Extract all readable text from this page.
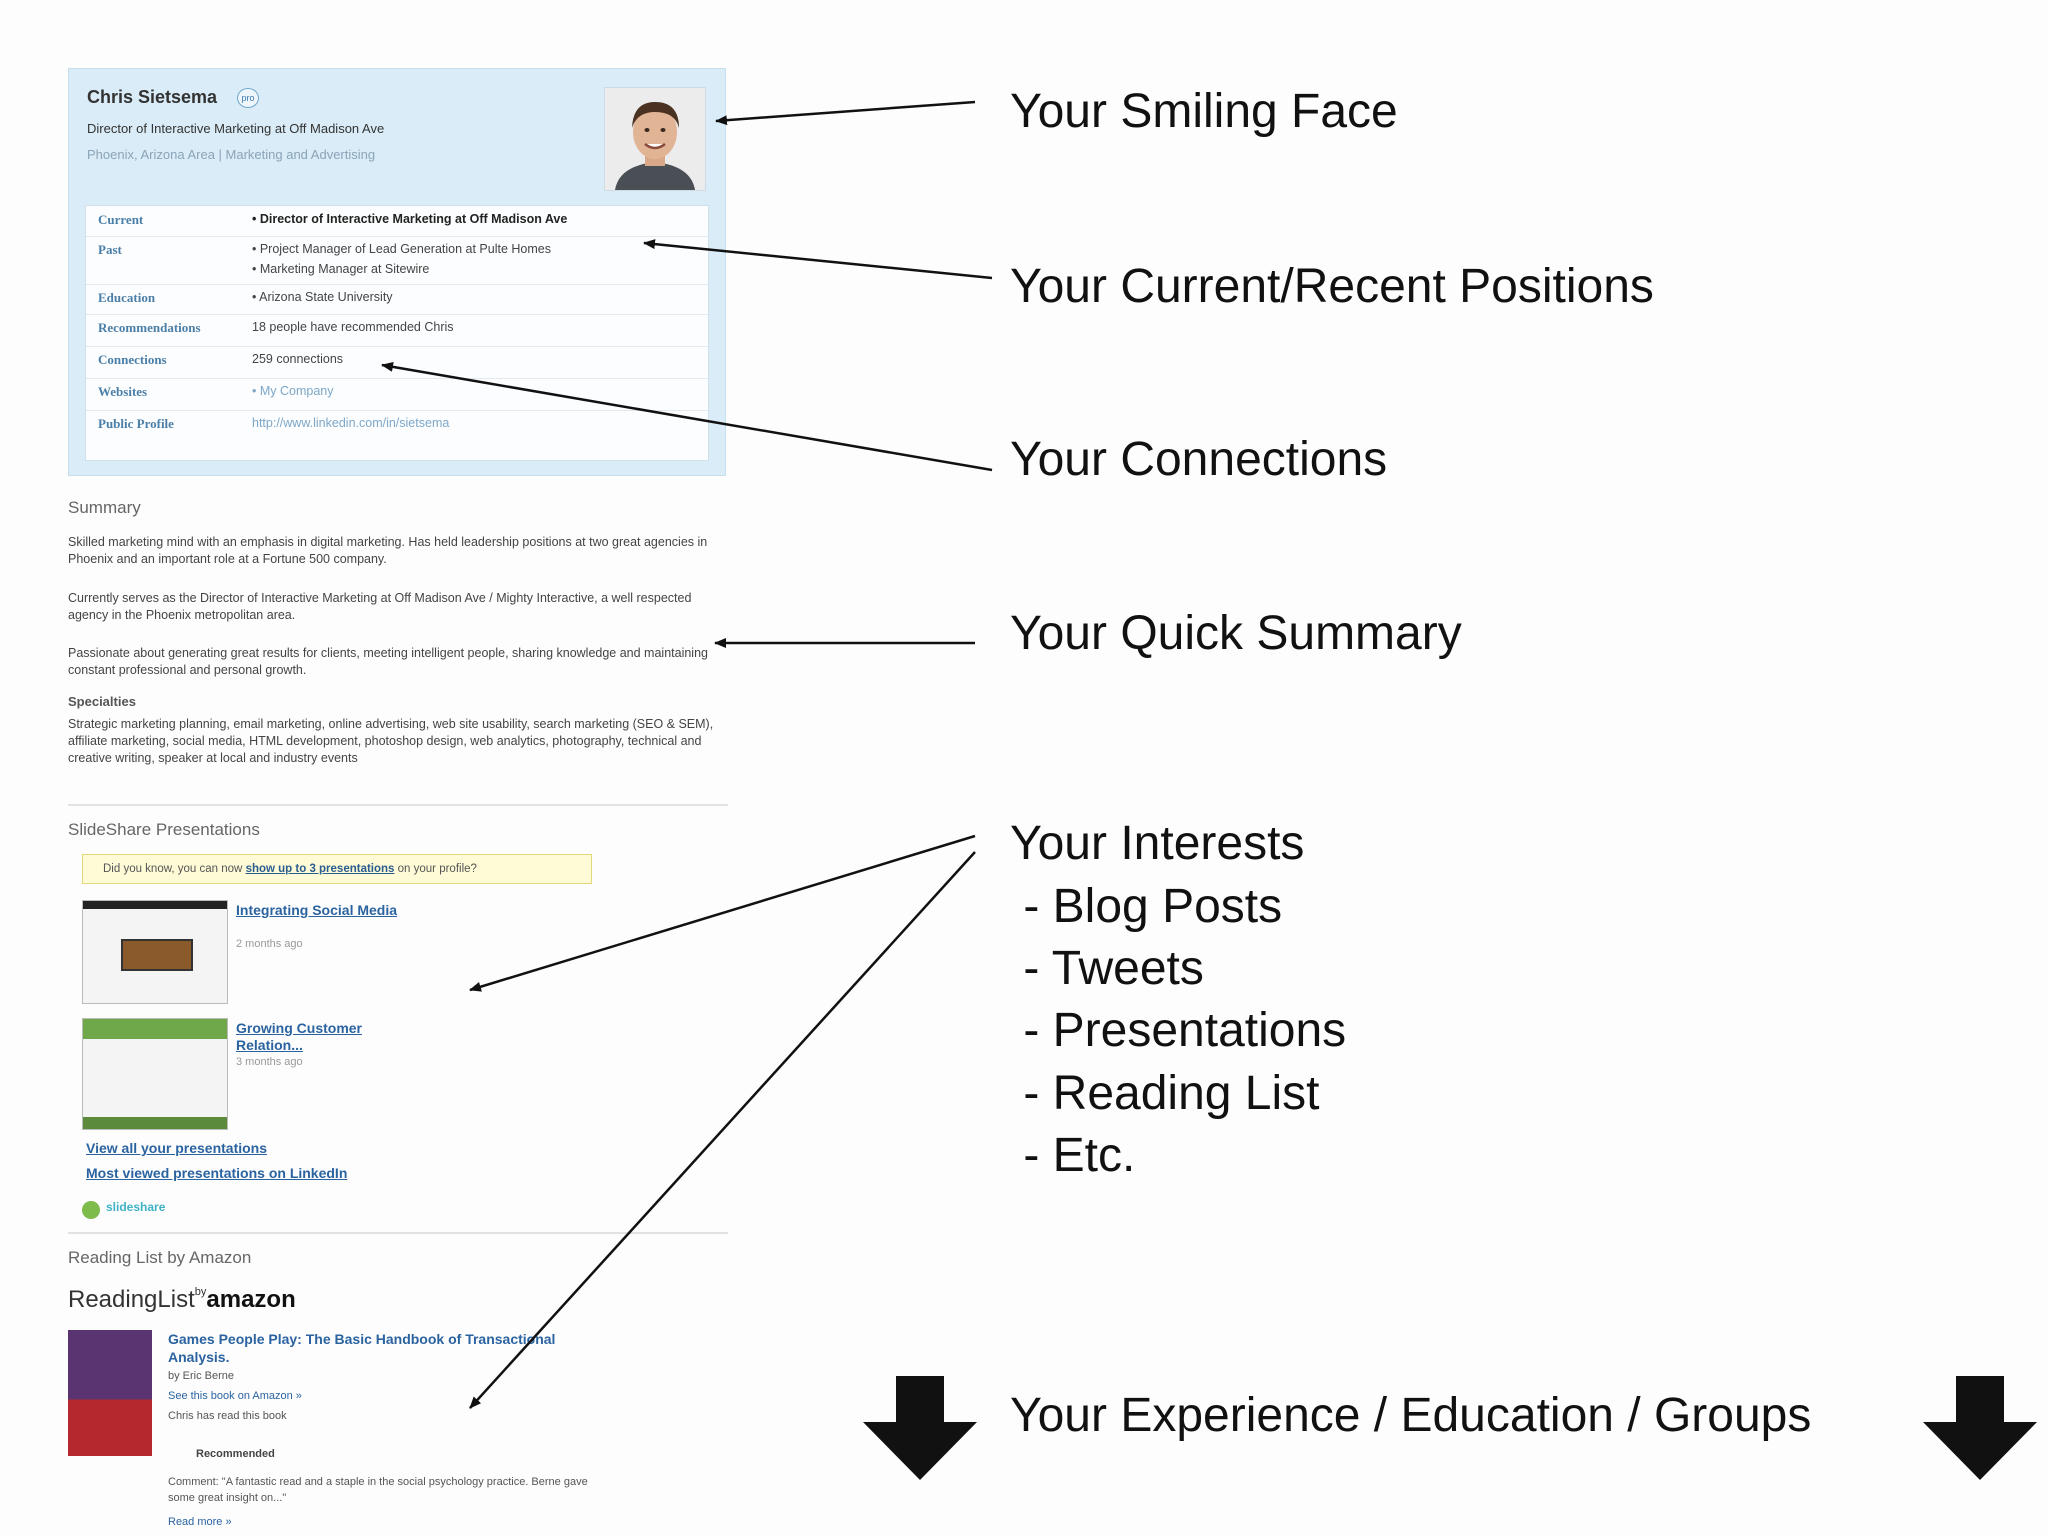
Chris Sietsema	pro
Director of Interactive Marketing at Off Madison Ave
Phoenix, Arizona Area | Marketing and Advertising
Current	• Director of Interactive Marketing at Off Madison Ave
Past	• Project Manager of Lead Generation at Pulte Homes
• Marketing Manager at Sitewire
Education	• Arizona State University
Recommendations	18 people have recommended Chris
Connections	259 connections
Websites	• My Company
Public Profile	http://www.linkedin.com/in/sietsema
Summary
Skilled marketing mind with an emphasis in digital marketing. Has held leadership positions at two great agencies in Phoenix and an important role at a Fortune 500 company.
Currently serves as the Director of Interactive Marketing at Off Madison Ave / Mighty Interactive, a well respected agency in the Phoenix metropolitan area.
Passionate about generating great results for clients, meeting intelligent people, sharing knowledge and maintaining constant professional and personal growth.
Specialties
Strategic marketing planning, email marketing, online advertising, web site usability, search marketing (SEO & SEM), affiliate marketing, social media, HTML development, photoshop design, web analytics, photography, technical and creative writing, speaker at local and industry events
SlideShare Presentations
Did you know, you can now show up to 3 presentations on your profile?
Integrating Social Media
2 months ago
Growing Customer Relation...
3 months ago
View all your presentations
Most viewed presentations on LinkedIn
slideshare
Reading List by Amazon
ReadingList$^{by}$amazon
Games People Play: The Basic Handbook of Transactional Analysis.
by Eric Berne
See this book on Amazon »
Chris has read this book
Recommended
Comment: "A fantastic read and a staple in the social psychology practice. Berne gave some great insight on..."
Read more »
Your Smiling Face
Your Current/Recent Positions
Your Connections
Your Quick Summary
Your Interests
- Blog Posts
- Tweets
- Presentations
- Reading List
- Etc.
Your Experience / Education / Groups
